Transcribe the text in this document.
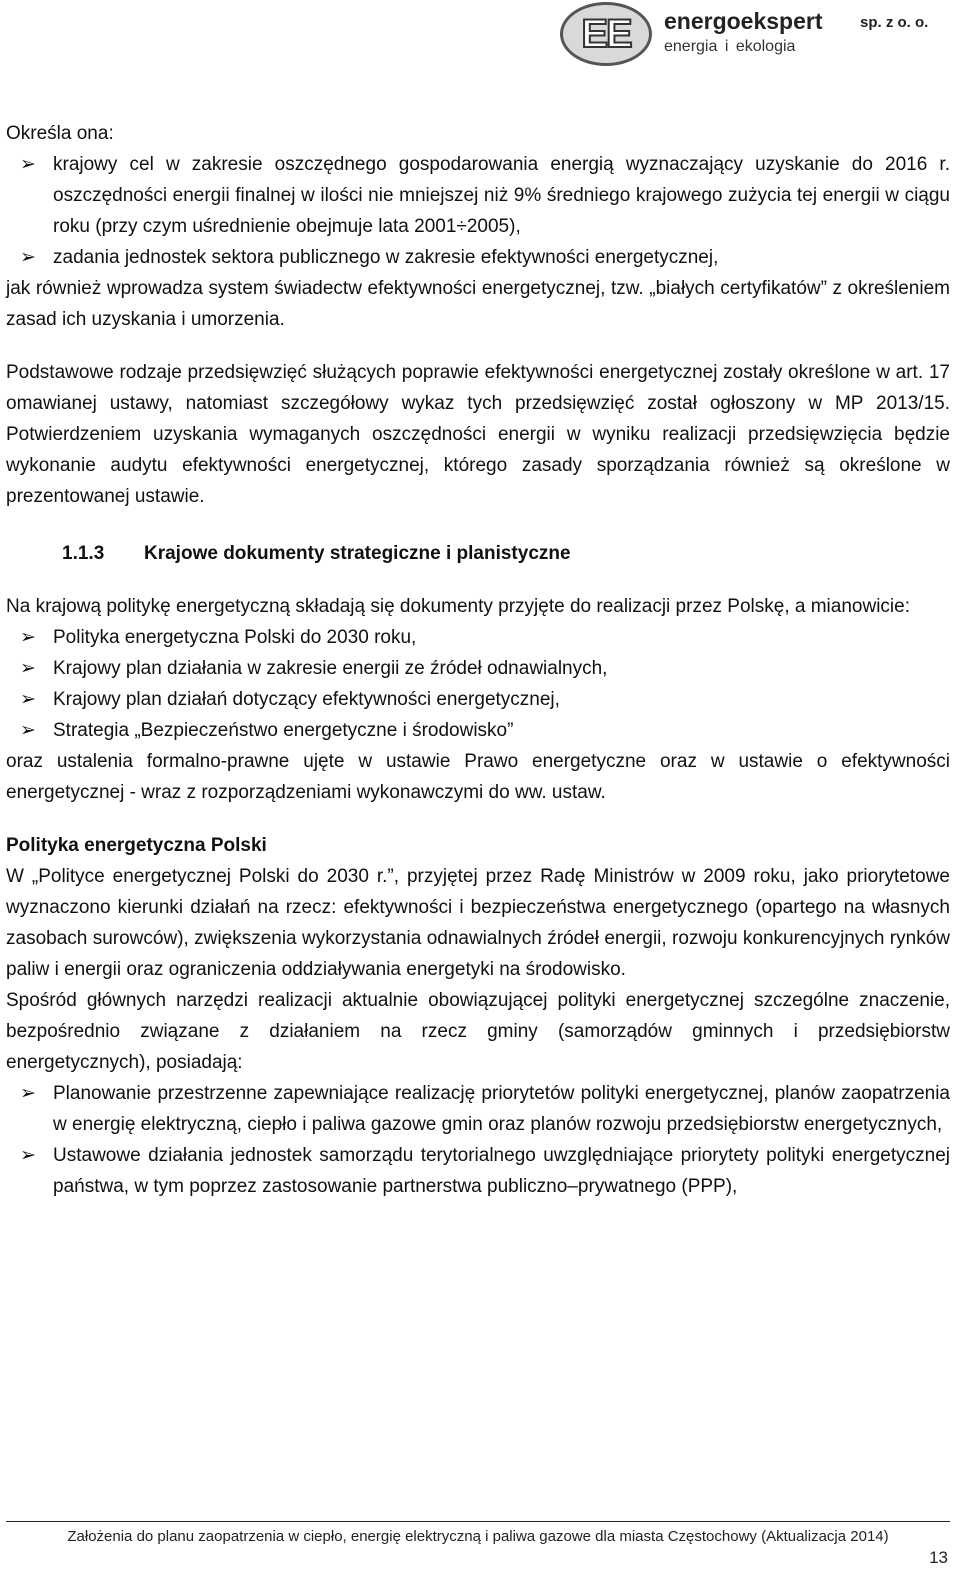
EE	energoekspert sp. z o. o.
energia i ekologia

Określa ona:

➢ krajowy cel w zakresie oszczędnego gospodarowania energią wyznaczający uzyskanie do 2016 r. oszczędności energii finalnej w ilości nie mniejszej niż 9% średniego krajowego zużycia tej energii w ciągu roku (przy czym uśrednienie obejmuje lata 2001÷2005),
➢ zadania jednostek sektora publicznego w zakresie efektywności energetycznej,

jak również wprowadza system świadectw efektywności energetycznej, tzw. „białych certyfikatów” z określeniem zasad ich uzyskania i umorzenia.

Podstawowe rodzaje przedsięwzięć służących poprawie efektywności energetycznej zostały określone w art. 17 omawianej ustawy, natomiast szczegółowy wykaz tych przedsięwzięć został ogłoszony w MP 2013/15. Potwierdzeniem uzyskania wymaganych oszczędności energii w wyniku realizacji przedsięwzięcia będzie wykonanie audytu efektywności energetycznej, którego zasady sporządzania również są określone w prezentowanej ustawie.

1.1.3 Krajowe dokumenty strategiczne i planistyczne

Na krajową politykę energetyczną składają się dokumenty przyjęte do realizacji przez Polskę, a mianowicie:

➢ Polityka energetyczna Polski do 2030 roku,
➢ Krajowy plan działania w zakresie energii ze źródeł odnawialnych,
➢ Krajowy plan działań dotyczący efektywności energetycznej,
➢ Strategia „Bezpieczeństwo energetyczne i środowisko”

oraz ustalenia formalno-prawne ujęte w ustawie Prawo energetyczne oraz w ustawie o efektywności energetycznej - wraz z rozporządzeniami wykonawczymi do ww. ustaw.

Polityka energetyczna Polski

W „Polityce energetycznej Polski do 2030 r.”, przyjętej przez Radę Ministrów w 2009 roku, jako priorytetowe wyznaczono kierunki działań na rzecz: efektywności i bezpieczeństwa energetycznego (opartego na własnych zasobach surowców), zwiększenia wykorzystania odnawialnych źródeł energii, rozwoju konkurencyjnych rynków paliw i energii oraz ograniczenia oddziaływania energetyki na środowisko.

Spośród głównych narzędzi realizacji aktualnie obowiązującej polityki energetycznej szczególne znaczenie, bezpośrednio związane z działaniem na rzecz gminy (samorządów gminnych i przedsiębiorstw energetycznych), posiadają:

➢ Planowanie przestrzenne zapewniające realizację priorytetów polityki energetycznej, planów zaopatrzenia w energię elektryczną, ciepło i paliwa gazowe gmin oraz planów rozwoju przedsiębiorstw energetycznych,
➢ Ustawowe działania jednostek samorządu terytorialnego uwzględniające priorytety polityki energetycznej państwa, w tym poprzez zastosowanie partnerstwa publiczno–prywatnego (PPP),
Założenia do planu zaopatrzenia w ciepło, energię elektryczną i paliwa gazowe dla miasta Częstochowy (Aktualizacja 2014)
13
